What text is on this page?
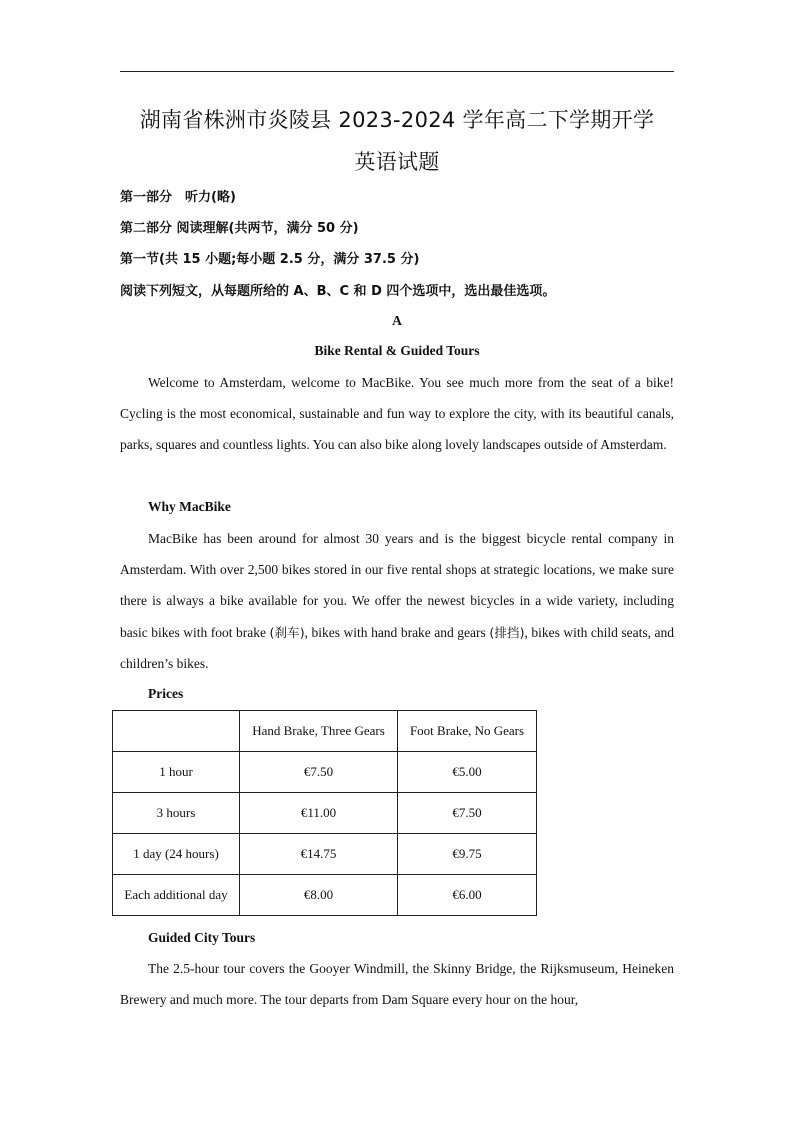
湖南省株洲市炎陵县 2023-2024 学年高二下学期开学
英语试题
第一部分　听力(略)
第二部分 阅读理解(共两节，满分 50 分)
第一节(共 15 小题;每小题 2.5 分，满分 37.5 分)
阅读下列短文，从每题所给的 A、B、C 和 D 四个选项中，选出最佳选项。
A
Bike Rental & Guided Tours
Welcome to Amsterdam, welcome to MacBike. You see much more from the seat of a bike! Cycling is the most economical, sustainable and fun way to explore the city, with its beautiful canals, parks, squares and countless lights. You can also bike along lovely landscapes outside of Amsterdam.
Why MacBike
MacBike has been around for almost 30 years and is the biggest bicycle rental company in Amsterdam. With over 2,500 bikes stored in our five rental shops at strategic locations, we make sure there is always a bike available for you. We offer the newest bicycles in a wide variety, including basic bikes with foot brake (刹车), bikes with hand brake and gears (排挡), bikes with child seats, and children’s bikes.
Prices
	Hand Brake, Three Gears	Foot Brake, No Gears
1 hour	€7.50	€5.00
3 hours	€11.00	€7.50
1 day (24 hours)	€14.75	€9.75
Each additional day	€8.00	€6.00
Guided City Tours
The 2.5-hour tour covers the Gooyer Windmill, the Skinny Bridge, the Rijksmuseum, Heineken Brewery and much more. The tour departs from Dam Square every hour on the hour,
